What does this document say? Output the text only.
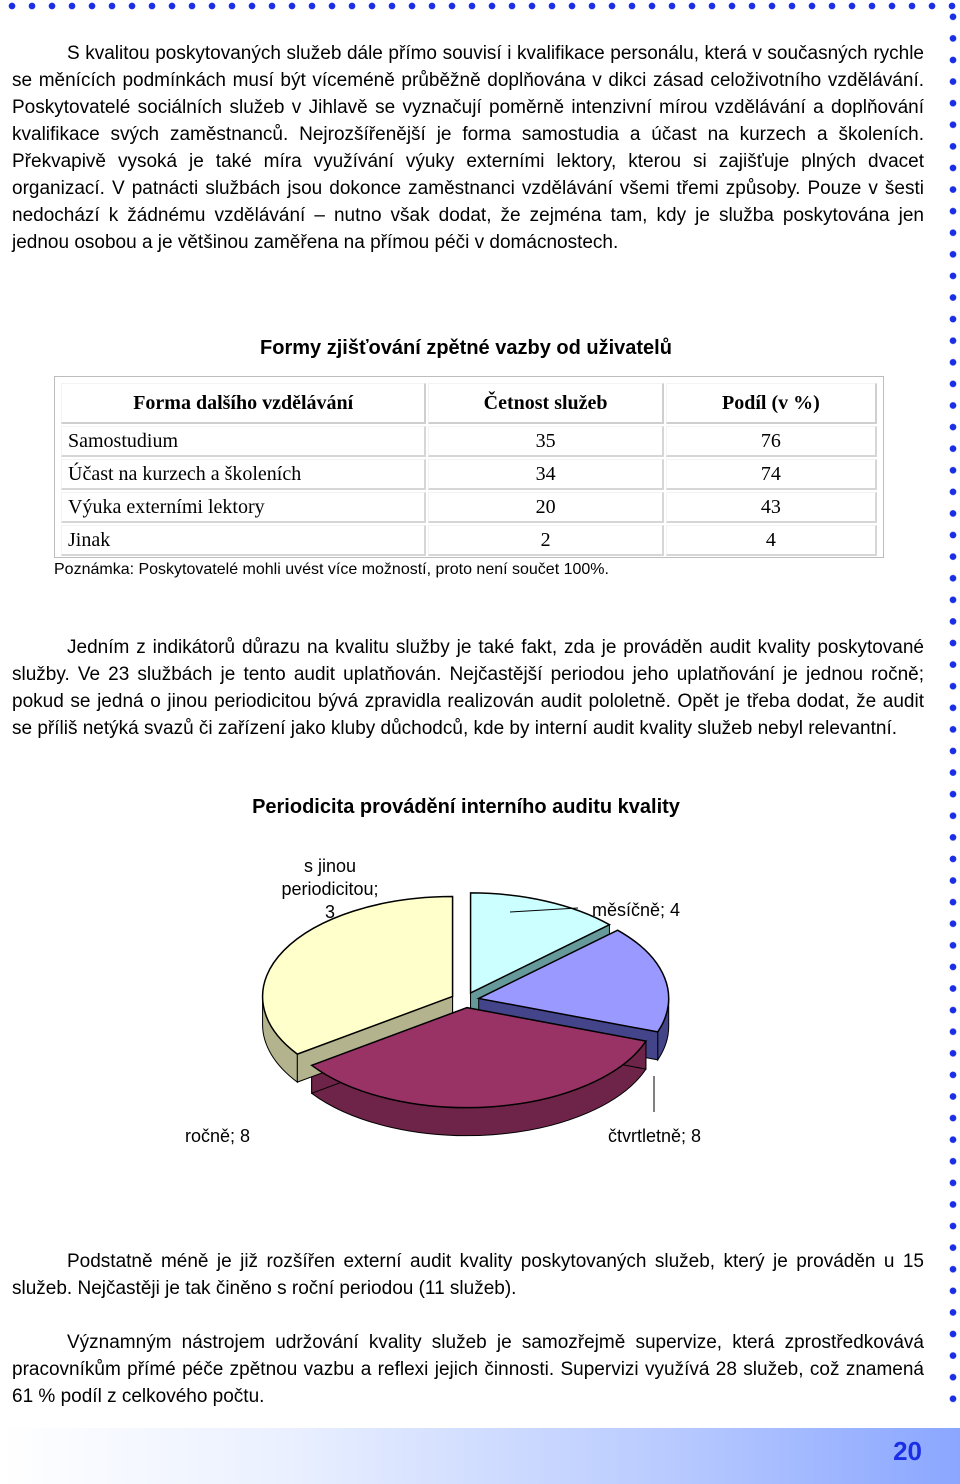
S kvalitou poskytovaných služeb dále přímo souvisí i kvalifikace personálu, která v současných rychle se měnících podmínkách musí být víceméně průběžně doplňována v dikci zásad celoživotního vzdělávání. Poskytovatelé sociálních služeb v Jihlavě se vyznačují poměrně intenzivní mírou vzdělávání a doplňování kvalifikace svých zaměstnanců. Nejrozšířenější je forma samostudia a účast na kurzech a školeních. Překvapivě vysoká je také míra využívání výuky externími lektory, kterou si zajišťuje plných dvacet organizací. V patnácti službách jsou dokonce zaměstnanci vzdělávání všemi třemi způsoby. Pouze v šesti nedochází k žádnému vzdělávání – nutno však dodat, že zejména tam, kdy je služba poskytována jen jednou osobou a je většinou zaměřena na přímou péči v domácnostech.

Formy zjišťování zpětné vazby od uživatelů
Forma dalšího vzdělávání	Četnost služeb	Podíl (v %)
Samostudium	35	76
Účast na kurzech a školeních	34	74
Výuka externími lektory	20	43
Jinak	2	4

Poznámka: Poskytovatelé mohli uvést více možností, proto není součet 100%.

Jedním z indikátorů důrazu na kvalitu služby je také fakt, zda je prováděn audit kvality poskytované služby. Ve 23 službách je tento audit uplatňován. Nejčastější periodou jeho uplatňování je jednou ročně; pokud se jedná o jinou periodicitou bývá zpravidla realizován audit pololetně. Opět je třeba dodat, že audit se příliš netýká svazů či zařízení jako kluby důchodců, kde by interní audit kvality služeb nebyl relevantní.

Periodicita provádění interního auditu kvality
s jinou periodicitou; 3	měsíčně; 4
čtvrtletně; 8
ročně; 8

Podstatně méně je již rozšířen externí audit kvality poskytovaných služeb, který je prováděn u 15 služeb. Nejčastěji je tak činěno s roční periodou (11 služeb).

Významným nástrojem udržování kvality služeb je samozřejmě supervize, která zprostředkovává pracovníkům přímé péče zpětnou vazbu a reflexi jejich činnosti. Supervizi využívá 28 služeb, což znamená 61 % podíl z celkového počtu.

20
